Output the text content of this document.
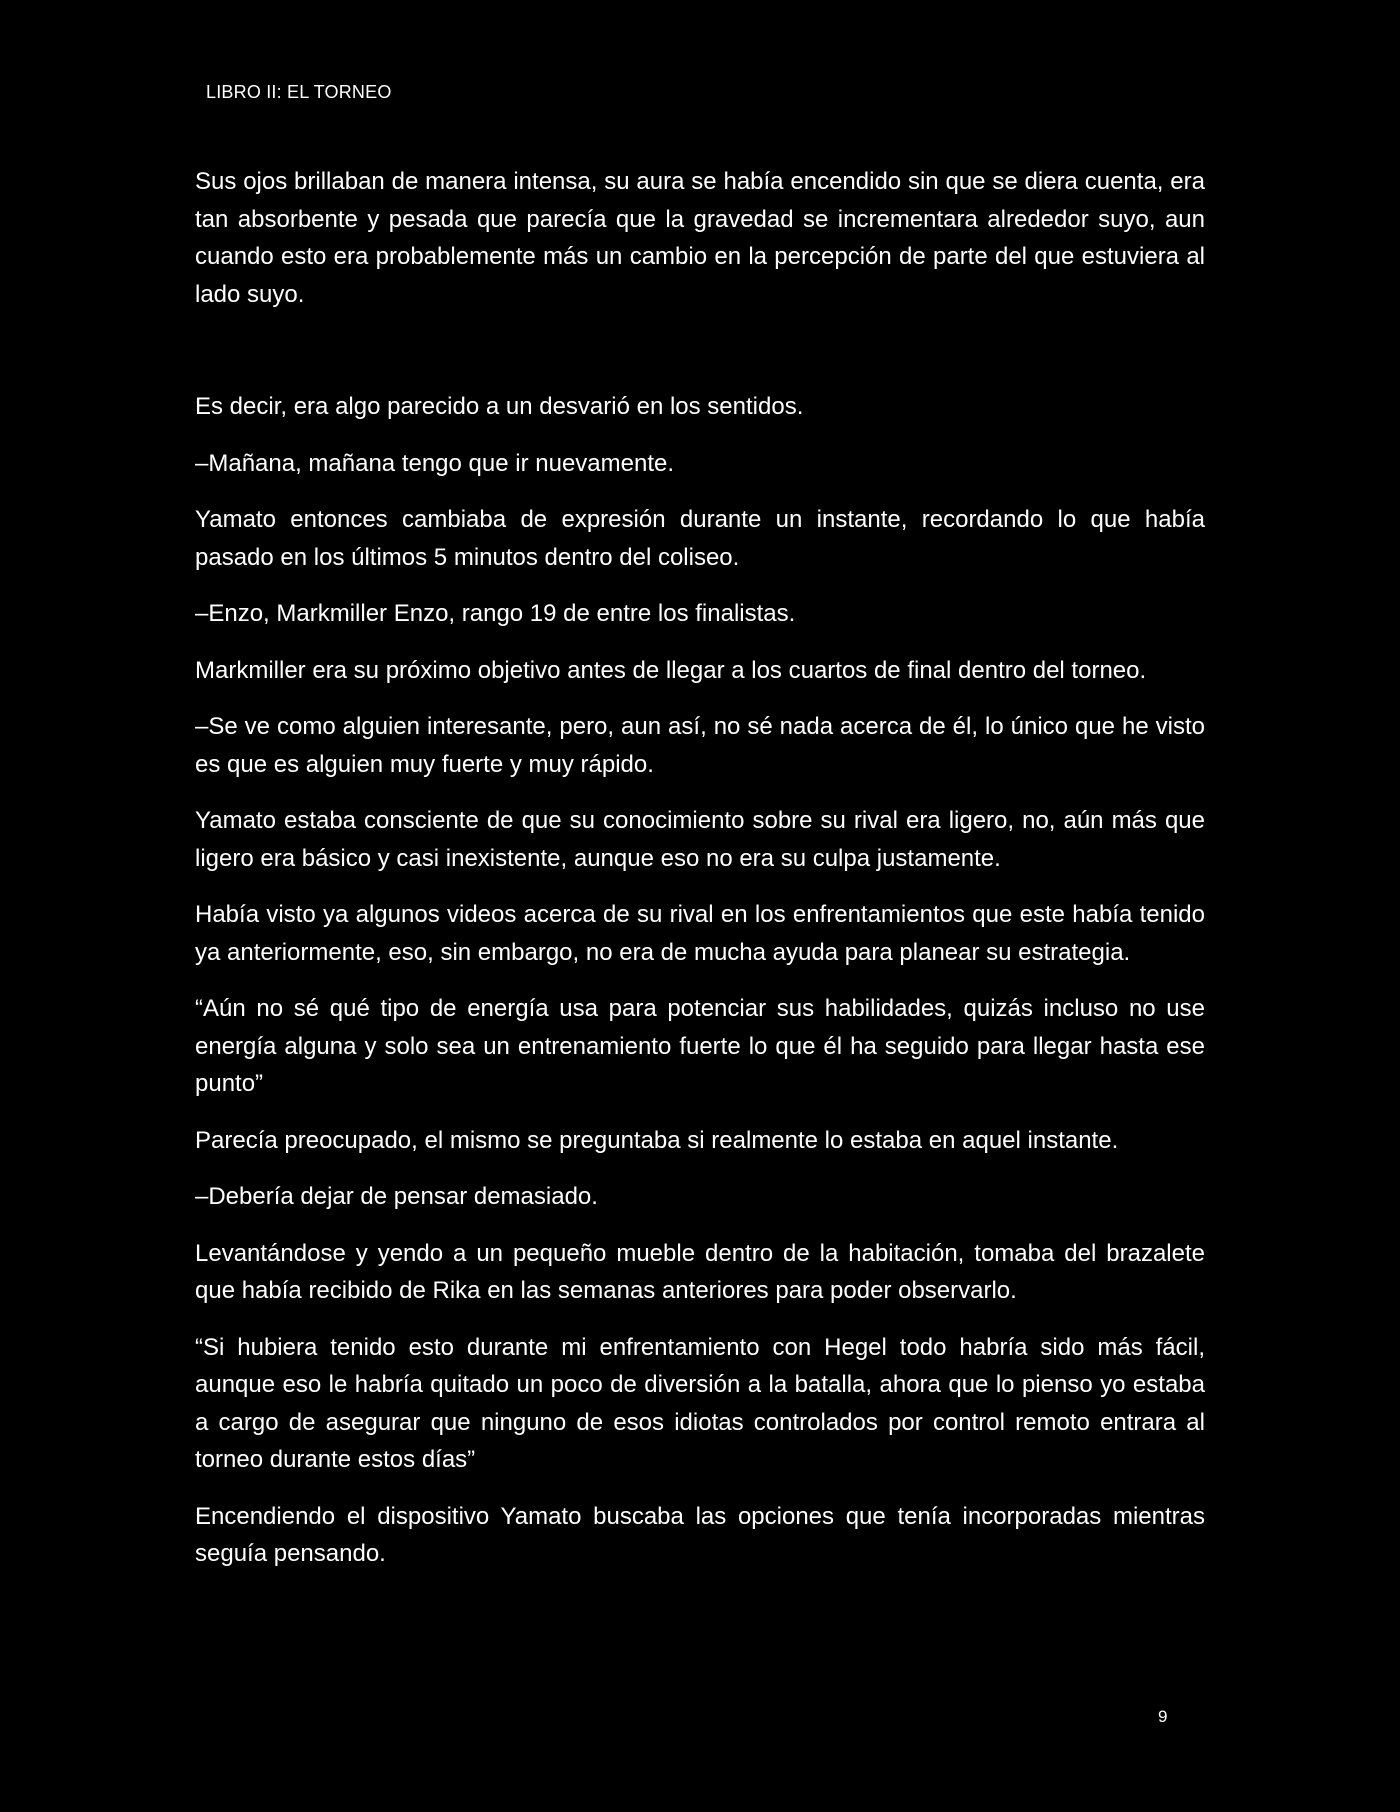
LIBRO II: EL TORNEO

Sus ojos brillaban de manera intensa, su aura se había encendido sin que se diera cuenta, era tan absorbente y pesada que parecía que la gravedad se incrementara alrededor suyo, aun cuando esto era probablemente más un cambio en la percepción de parte del que estuviera al lado suyo.

Es decir, era algo parecido a un desvarió en los sentidos.

–Mañana, mañana tengo que ir nuevamente.

Yamato entonces cambiaba de expresión durante un instante, recordando lo que había pasado en los últimos 5 minutos dentro del coliseo.

–Enzo, Markmiller Enzo, rango 19 de entre los finalistas.

Markmiller era su próximo objetivo antes de llegar a los cuartos de final dentro del torneo.

–Se ve como alguien interesante, pero, aun así, no sé nada acerca de él, lo único que he visto es que es alguien muy fuerte y muy rápido.

Yamato estaba consciente de que su conocimiento sobre su rival era ligero, no, aún más que ligero era básico y casi inexistente, aunque eso no era su culpa justamente.

Había visto ya algunos videos acerca de su rival en los enfrentamientos que este había tenido ya anteriormente, eso, sin embargo, no era de mucha ayuda para planear su estrategia.

“Aún no sé qué tipo de energía usa para potenciar sus habilidades, quizás incluso no use energía alguna y solo sea un entrenamiento fuerte lo que él ha seguido para llegar hasta ese punto”

Parecía preocupado, el mismo se preguntaba si realmente lo estaba en aquel instante.

–Debería dejar de pensar demasiado.

Levantándose y yendo a un pequeño mueble dentro de la habitación, tomaba del brazalete que había recibido de Rika en las semanas anteriores para poder observarlo.

“Si hubiera tenido esto durante mi enfrentamiento con Hegel todo habría sido más fácil, aunque eso le habría quitado un poco de diversión a la batalla, ahora que lo pienso yo estaba a cargo de asegurar que ninguno de esos idiotas controlados por control remoto entrara al torneo durante estos días”

Encendiendo el dispositivo Yamato buscaba las opciones que tenía incorporadas mientras seguía pensando.

9
